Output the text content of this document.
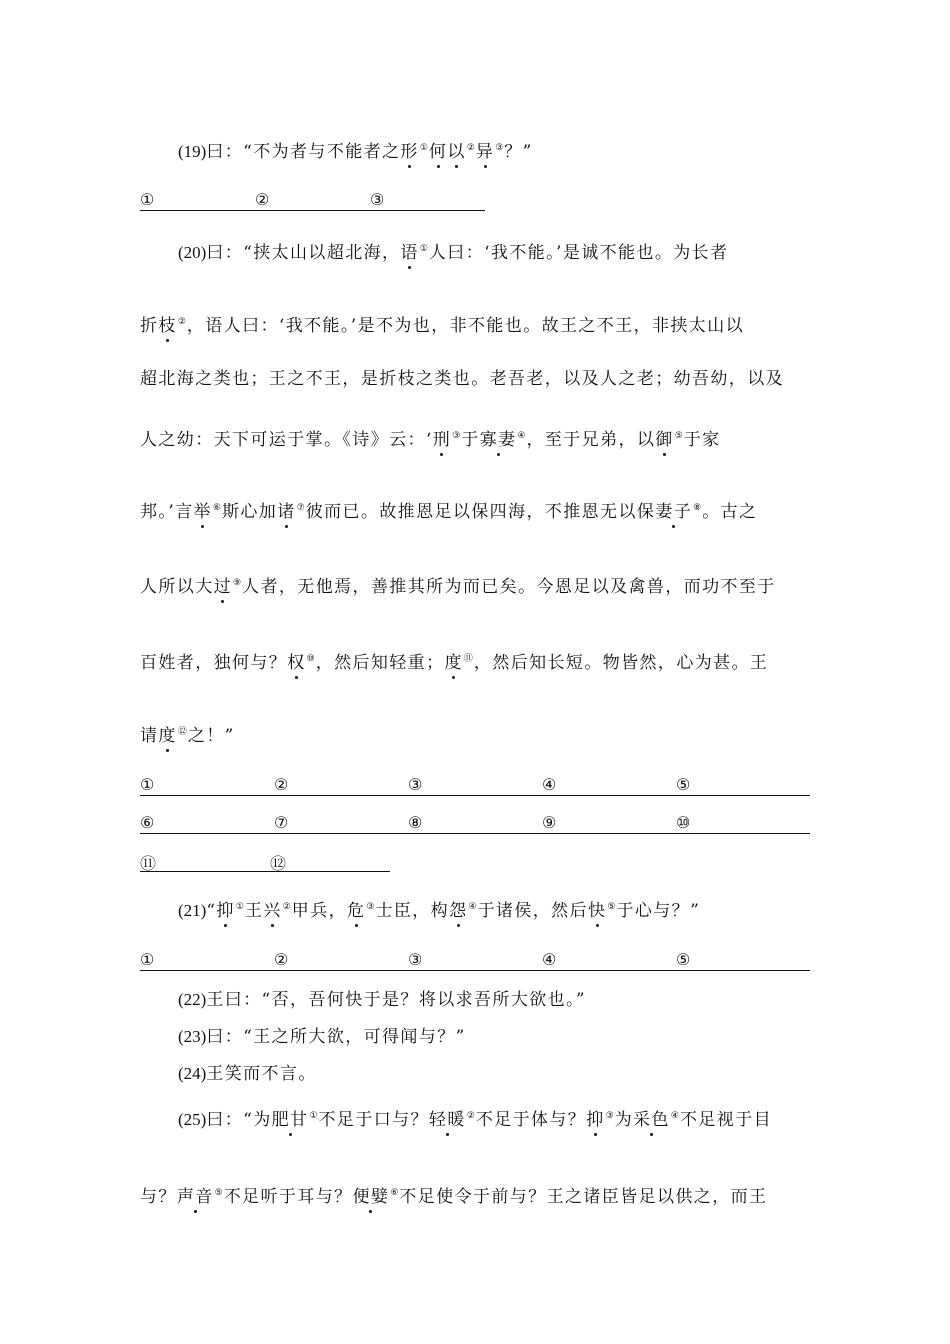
(19)曰：“不为者与不能者之形①何以②异③？”
①	②	③
(20)曰：“挟太山以超北海，语①人曰：‘我不能。’是诚不能也。为长者
折枝②，语人曰：‘我不能。’是不为也，非不能也。故王之不王，非挟太山以
超北海之类也；王之不王，是折枝之类也。老吾老，以及人之老；幼吾幼，以及
人之幼：天下可运于掌。《诗》云：‘刑③于寡妻④，至于兄弟，以御⑤于家
邦。’言举⑥斯心加诸⑦彼而已。故推恩足以保四海，不推恩无以保妻子⑧。古之
人所以大过⑨人者，无他焉，善推其所为而已矣。今恩足以及禽兽，而功不至于
百姓者，独何与？权⑩，然后知轻重；度⑪，然后知长短。物皆然，心为甚。王
请度⑫之！”
①	②	③	④	⑤
⑥	⑦	⑧	⑨	⑩
⑪	⑫
(21)“抑①王兴②甲兵，危③士臣，构怨④于诸侯，然后快⑤于心与？”
①	②	③	④	⑤
(22)王曰：“否，吾何快于是？将以求吾所大欲也。”
(23)曰：“王之所大欲，可得闻与？”
(24)王笑而不言。
(25)曰：“为肥甘①不足于口与？轻暖②不足于体与？抑③为采色④不足视于目
与？声音⑤不足听于耳与？便嬖⑥不足使令于前与？王之诸臣皆足以供之，而王
